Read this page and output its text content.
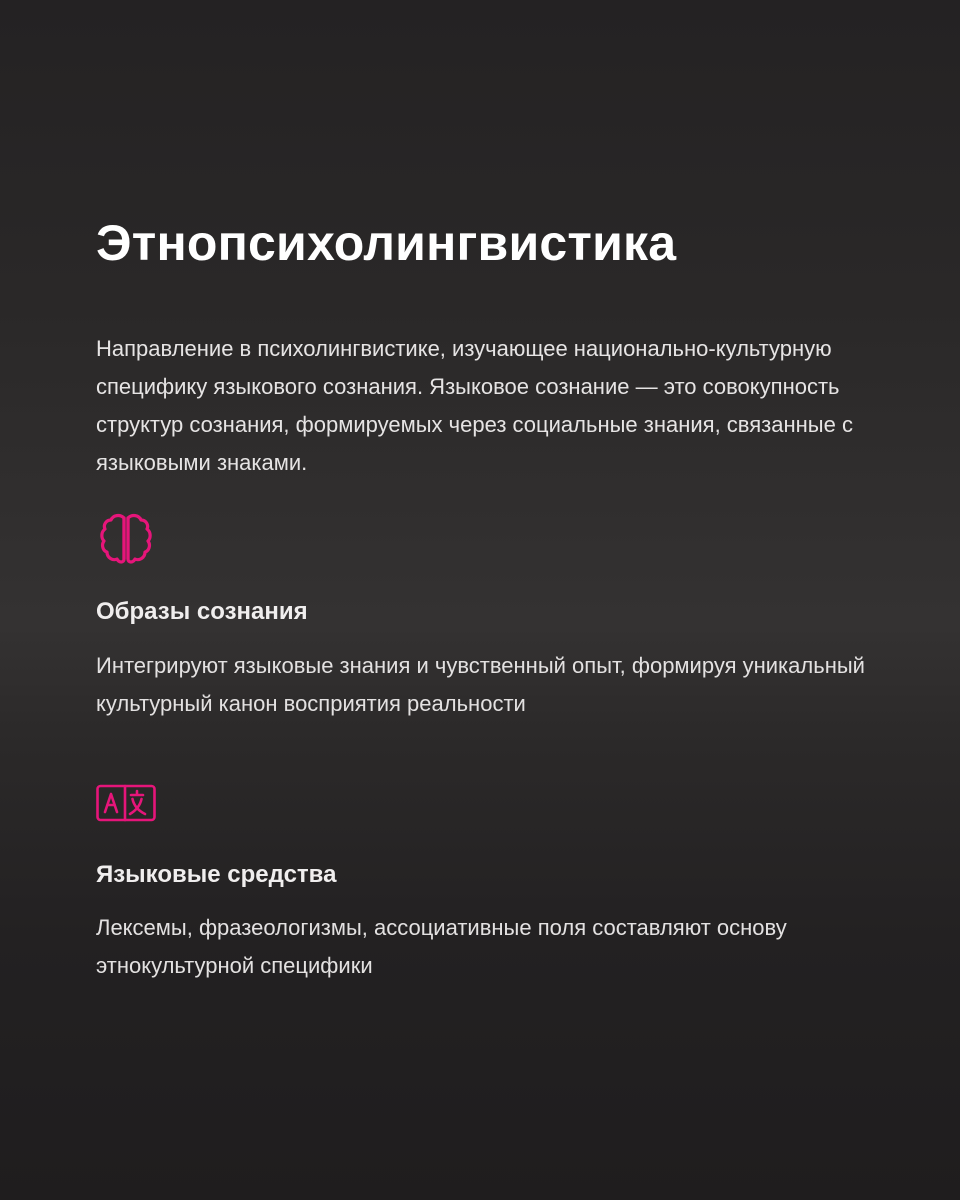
Этнопсихолингвистика

Направление в психолингвистике, изучающее национально-культурную специфику языкового сознания. Языковое сознание — это совокупность структур сознания, формируемых через социальные знания, связанные с языковыми знаками.

Образы сознания

Интегрируют языковые знания и чувственный опыт, формируя уникальный культурный канон восприятия реальности

Языковые средства

Лексемы, фразеологизмы, ассоциативные поля составляют основу этнокультурной специфики
